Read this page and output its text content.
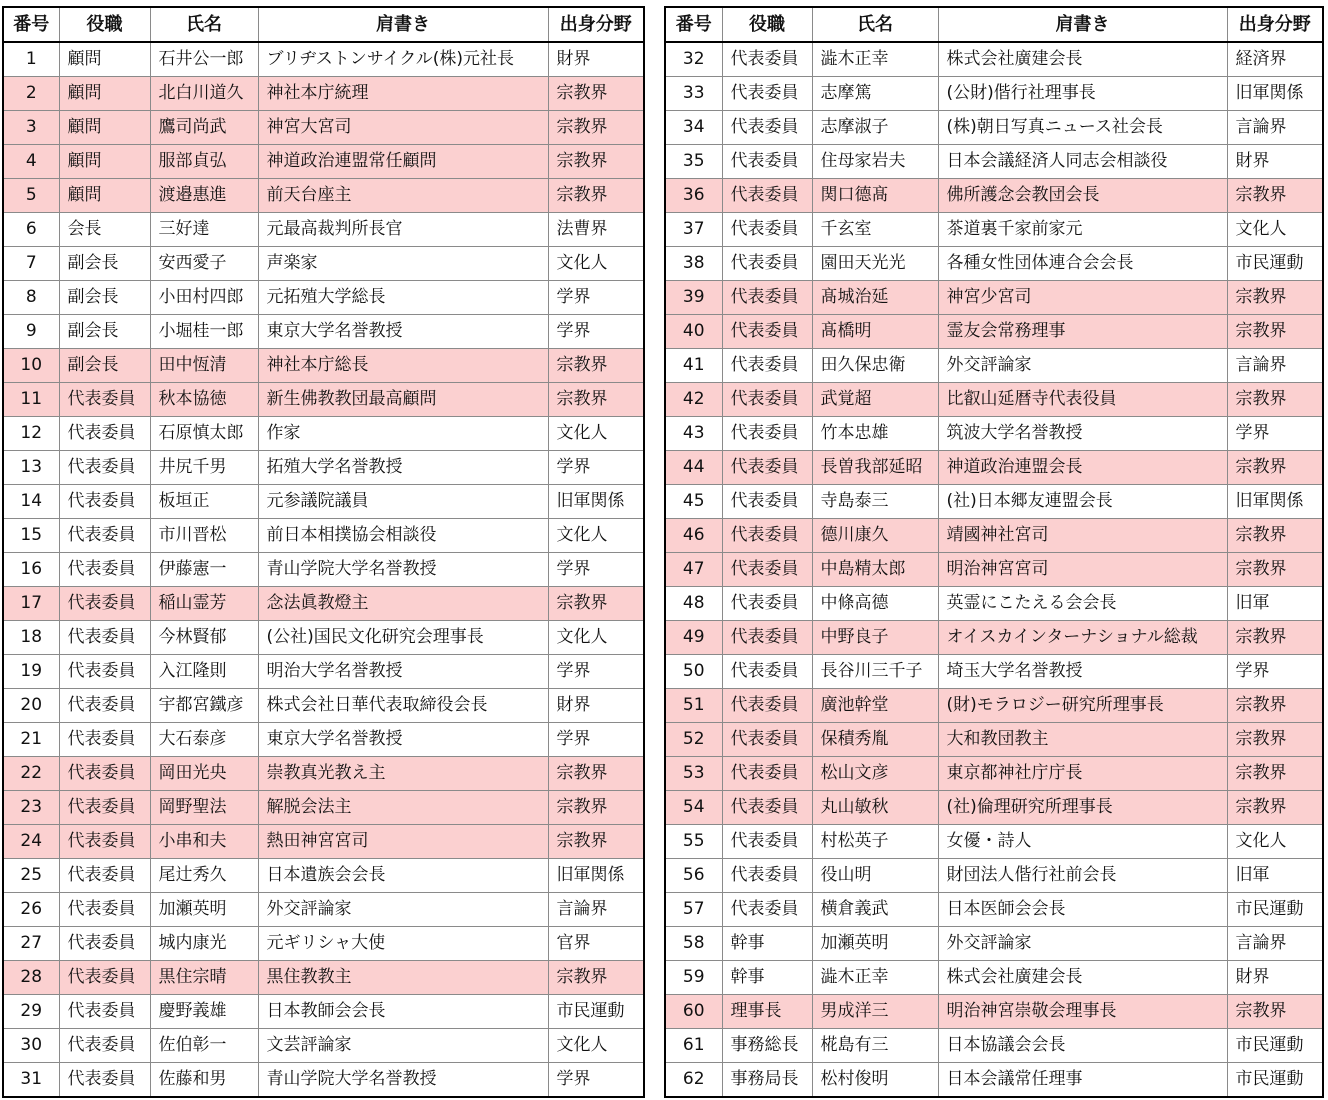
番号	役職	氏名	肩書き	出身分野
1	顧問	石井公一郎	ブリヂストンサイクル(株)元社長	財界
2	顧問	北白川道久	神社本庁統理	宗教界
3	顧問	鷹司尚武	神宮大宮司	宗教界
4	顧問	服部貞弘	神道政治連盟常任顧問	宗教界
5	顧問	渡邉惠進	前天台座主	宗教界
6	会長	三好達	元最高裁判所長官	法曹界
7	副会長	安西愛子	声楽家	文化人
8	副会長	小田村四郎	元拓殖大学総長	学界
9	副会長	小堀桂一郎	東京大学名誉教授	学界
10	副会長	田中恆清	神社本庁総長	宗教界
11	代表委員	秋本協徳	新生佛教教団最高顧問	宗教界
12	代表委員	石原慎太郎	作家	文化人
13	代表委員	井尻千男	拓殖大学名誉教授	学界
14	代表委員	板垣正	元参議院議員	旧軍関係
15	代表委員	市川晋松	前日本相撲協会相談役	文化人
16	代表委員	伊藤憲一	青山学院大学名誉教授	学界
17	代表委員	稲山霊芳	念法眞教燈主	宗教界
18	代表委員	今林賢郁	(公社)国民文化研究会理事長	文化人
19	代表委員	入江隆則	明治大学名誉教授	学界
20	代表委員	宇都宮鐵彦	株式会社日華代表取締役会長	財界
21	代表委員	大石泰彦	東京大学名誉教授	学界
22	代表委員	岡田光央	崇教真光教え主	宗教界
23	代表委員	岡野聖法	解脱会法主	宗教界
24	代表委員	小串和夫	熱田神宮宮司	宗教界
25	代表委員	尾辻秀久	日本遺族会会長	旧軍関係
26	代表委員	加瀬英明	外交評論家	言論界
27	代表委員	城内康光	元ギリシャ大使	官界
28	代表委員	黒住宗晴	黒住教教主	宗教界
29	代表委員	慶野義雄	日本教師会会長	市民運動
30	代表委員	佐伯彰一	文芸評論家	文化人
31	代表委員	佐藤和男	青山学院大学名誉教授	学界
番号	役職	氏名	肩書き	出身分野
32	代表委員	澁木正幸	株式会社廣建会長	経済界
33	代表委員	志摩篤	(公財)偕行社理事長	旧軍関係
34	代表委員	志摩淑子	(株)朝日写真ニュース社会長	言論界
35	代表委員	住母家岩夫	日本会議経済人同志会相談役	財界
36	代表委員	関口德髙	佛所護念会教団会長	宗教界
37	代表委員	千玄室	茶道裏千家前家元	文化人
38	代表委員	園田天光光	各種女性団体連合会会長	市民運動
39	代表委員	髙城治延	神宮少宮司	宗教界
40	代表委員	髙橋明	霊友会常務理事	宗教界
41	代表委員	田久保忠衛	外交評論家	言論界
42	代表委員	武覚超	比叡山延暦寺代表役員	宗教界
43	代表委員	竹本忠雄	筑波大学名誉教授	学界
44	代表委員	長曽我部延昭	神道政治連盟会長	宗教界
45	代表委員	寺島泰三	(社)日本郷友連盟会長	旧軍関係
46	代表委員	德川康久	靖國神社宮司	宗教界
47	代表委員	中島精太郎	明治神宮宮司	宗教界
48	代表委員	中條高德	英霊にこたえる会会長	旧軍
49	代表委員	中野良子	オイスカインターナショナル総裁	宗教界
50	代表委員	長谷川三千子	埼玉大学名誉教授	学界
51	代表委員	廣池幹堂	(財)モラロジー研究所理事長	宗教界
52	代表委員	保積秀胤	大和教団教主	宗教界
53	代表委員	松山文彦	東京都神社庁庁長	宗教界
54	代表委員	丸山敏秋	(社)倫理研究所理事長	宗教界
55	代表委員	村松英子	女優・詩人	文化人
56	代表委員	役山明	財団法人偕行社前会長	旧軍
57	代表委員	横倉義武	日本医師会会長	市民運動
58	幹事	加瀬英明	外交評論家	言論界
59	幹事	澁木正幸	株式会社廣建会長	財界
60	理事長	男成洋三	明治神宮崇敬会理事長	宗教界
61	事務総長	椛島有三	日本協議会会長	市民運動
62	事務局長	松村俊明	日本会議常任理事	市民運動
